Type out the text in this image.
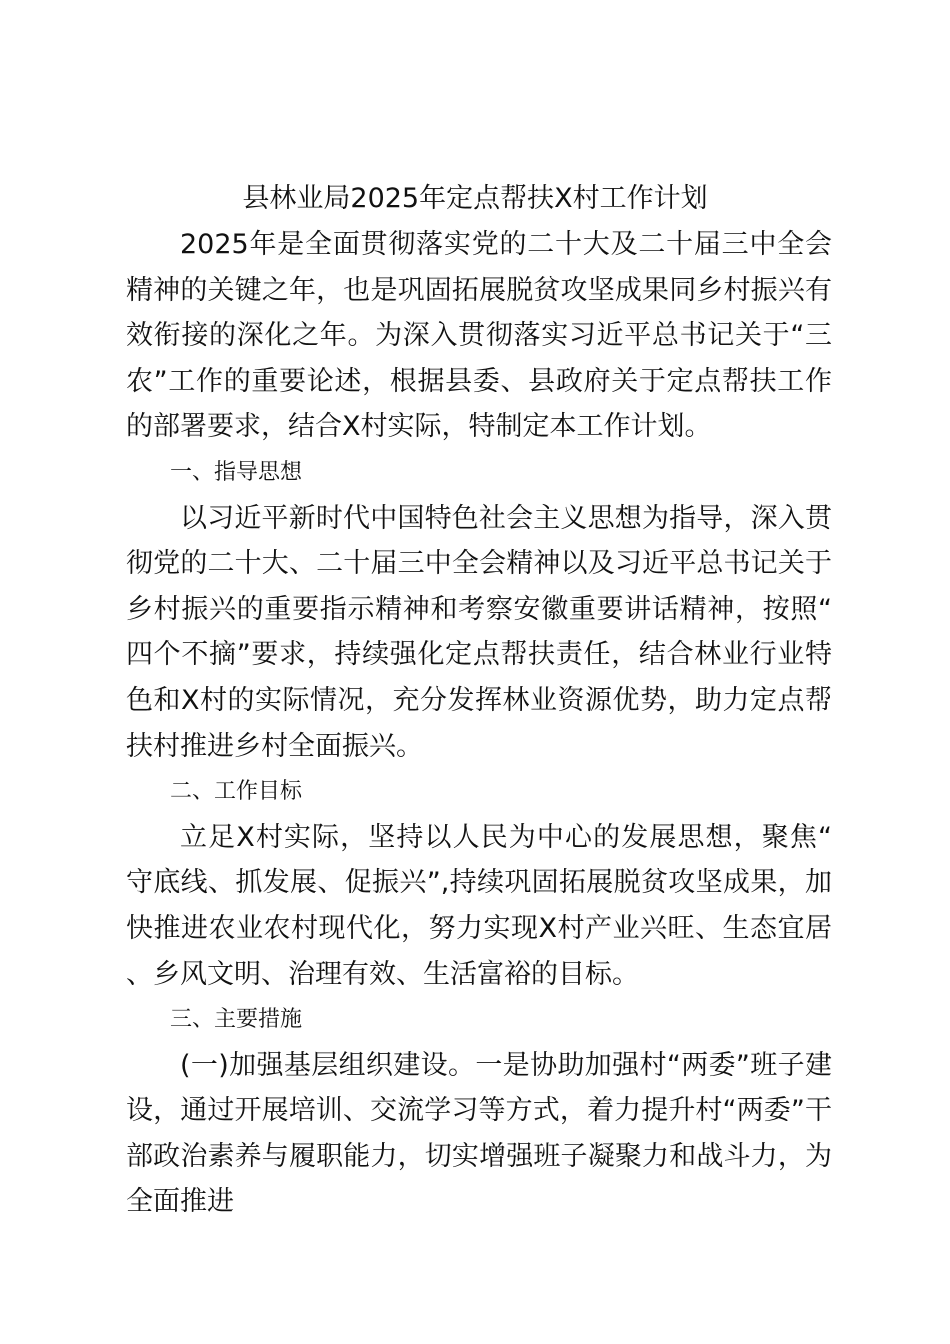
县林业局2025年定点帮扶X村工作计划

2025年是全面贯彻落实党的二十大及二十届三中全会精神的关键之年，也是巩固拓展脱贫攻坚成果同乡村振兴有效衔接的深化之年。为深入贯彻落实习近平总书记关于“三农”工作的重要论述，根据县委、县政府关于定点帮扶工作的部署要求，结合X村实际，特制定本工作计划。

一、指导思想

以习近平新时代中国特色社会主义思想为指导，深入贯彻党的二十大、二十届三中全会精神以及习近平总书记关于乡村振兴的重要指示精神和考察安徽重要讲话精神，按照“四个不摘”要求，持续强化定点帮扶责任，结合林业行业特色和X村的实际情况，充分发挥林业资源优势，助力定点帮扶村推进乡村全面振兴。

二、工作目标

立足X村实际，坚持以人民为中心的发展思想，聚焦“守底线、抓发展、促振兴”,持续巩固拓展脱贫攻坚成果，加快推进农业农村现代化，努力实现X村产业兴旺、生态宜居、乡风文明、治理有效、生活富裕的目标。

三、主要措施

(一)加强基层组织建设。一是协助加强村“两委”班子建设，通过开展培训、交流学习等方式，着力提升村“两委”干部政治素养与履职能力，切实增强班子凝聚力和战斗力，为全面推进
